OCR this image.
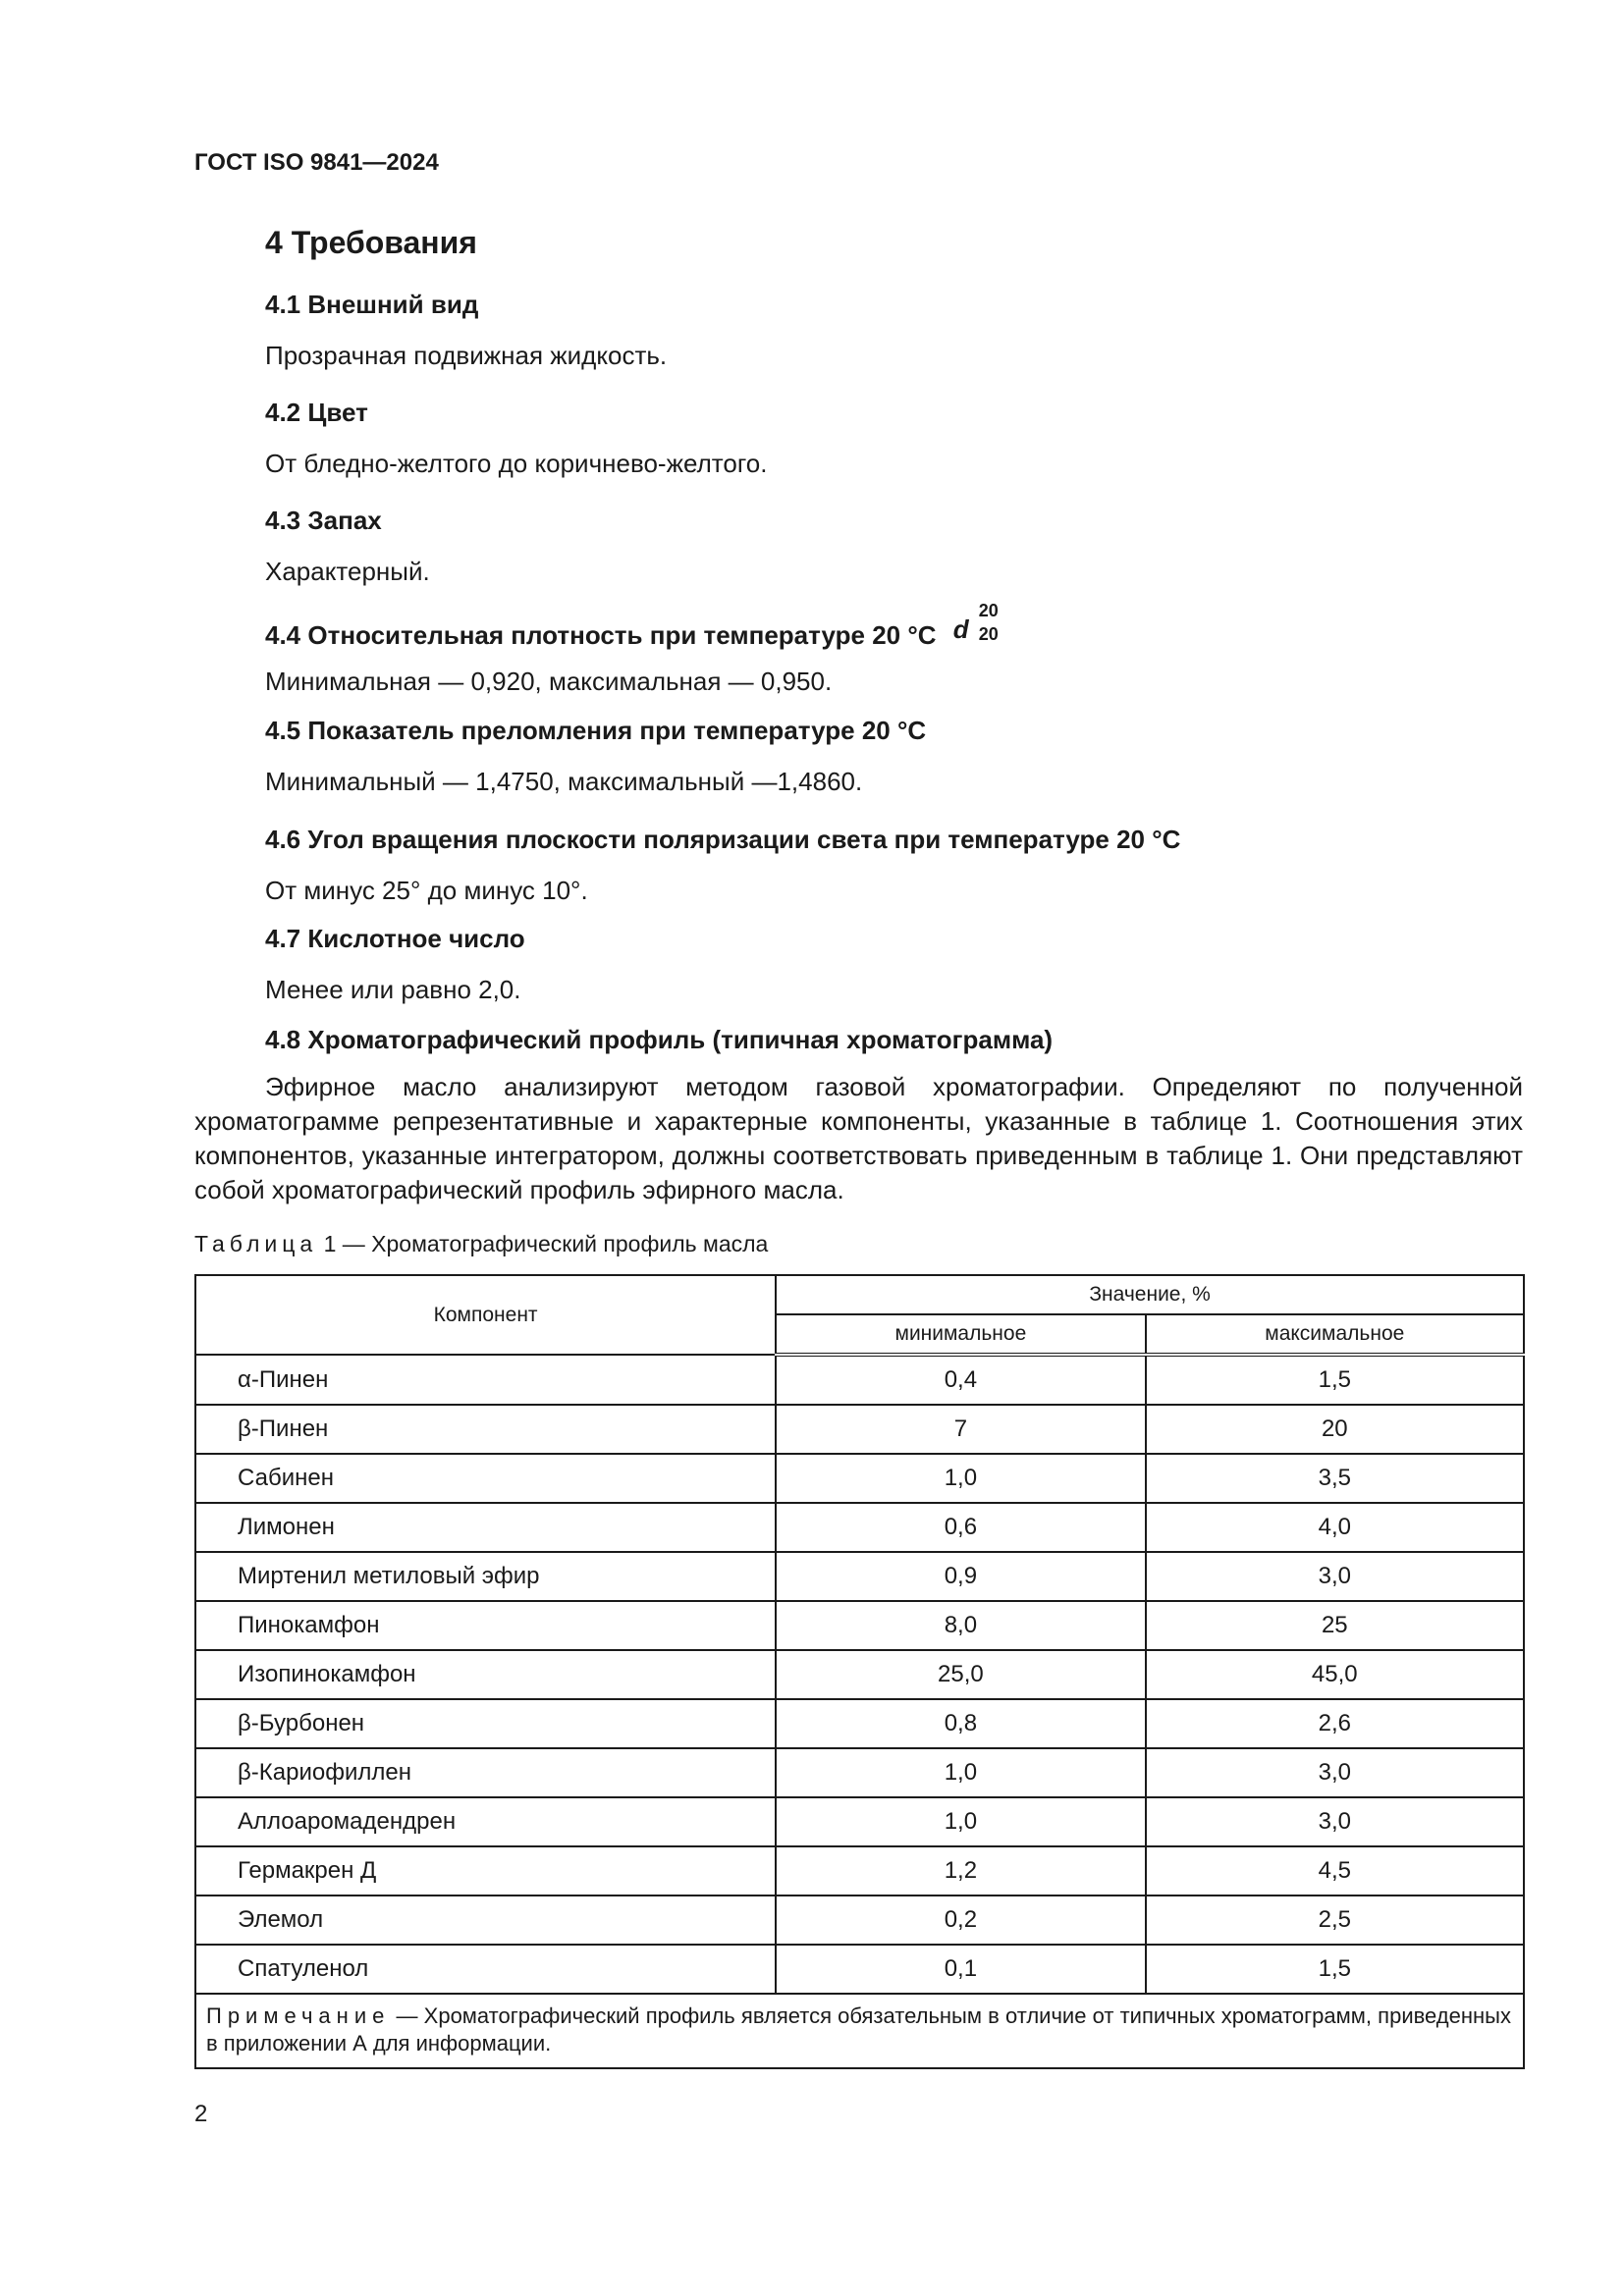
ГОСТ ISO 9841—2024
4 Требования
4.1 Внешний вид
Прозрачная подвижная жидкость.
4.2 Цвет
От бледно-желтого до коричнево-желтого.
4.3 Запах
Характерный.
4.4 Относительная плотность при температуре 20 °C d
20
20
Минимальная — 0,920, максимальная — 0,950.
4.5 Показатель преломления при температуре 20 °C
Минимальный — 1,4750, максимальный —1,4860.
4.6 Угол вращения плоскости поляризации света при температуре 20 °C
От минус 25° до минус 10°.
4.7 Кислотное число
Менее или равно 2,0.
4.8 Хроматографический профиль (типичная хроматограмма)
Эфирное масло анализируют методом газовой хроматографии. Определяют по полученной хроматограмме репрезентативные и характерные компоненты, указанные в таблице 1. Соотношения этих компонентов, указанные интегратором, должны соответствовать приведенным в таблице 1. Они представляют собой хроматографический профиль эфирного масла.
Таблица 1 — Хроматографический профиль масла
Компонент	Значение, %	
	минимальное	максимальное
α-Пинен	0,4	1,5
β-Пинен	7	20
Сабинен	1,0	3,5
Лимонен	0,6	4,0
Миртенил метиловый эфир	0,9	3,0
Пинокамфон	8,0	25
Изопинокамфон	25,0	45,0
β-Бурбонен	0,8	2,6
β-Кариофиллен	1,0	3,0
Аллоаромадендрен	1,0	3,0
Гермакрен Д	1,2	4,5
Элемол	0,2	2,5
Спатуленол	0,1	1,5
Примечание — Хроматографический профиль является обязательным в отличие от типичных хроматограмм, приведенных в приложении А для информации.		
2
